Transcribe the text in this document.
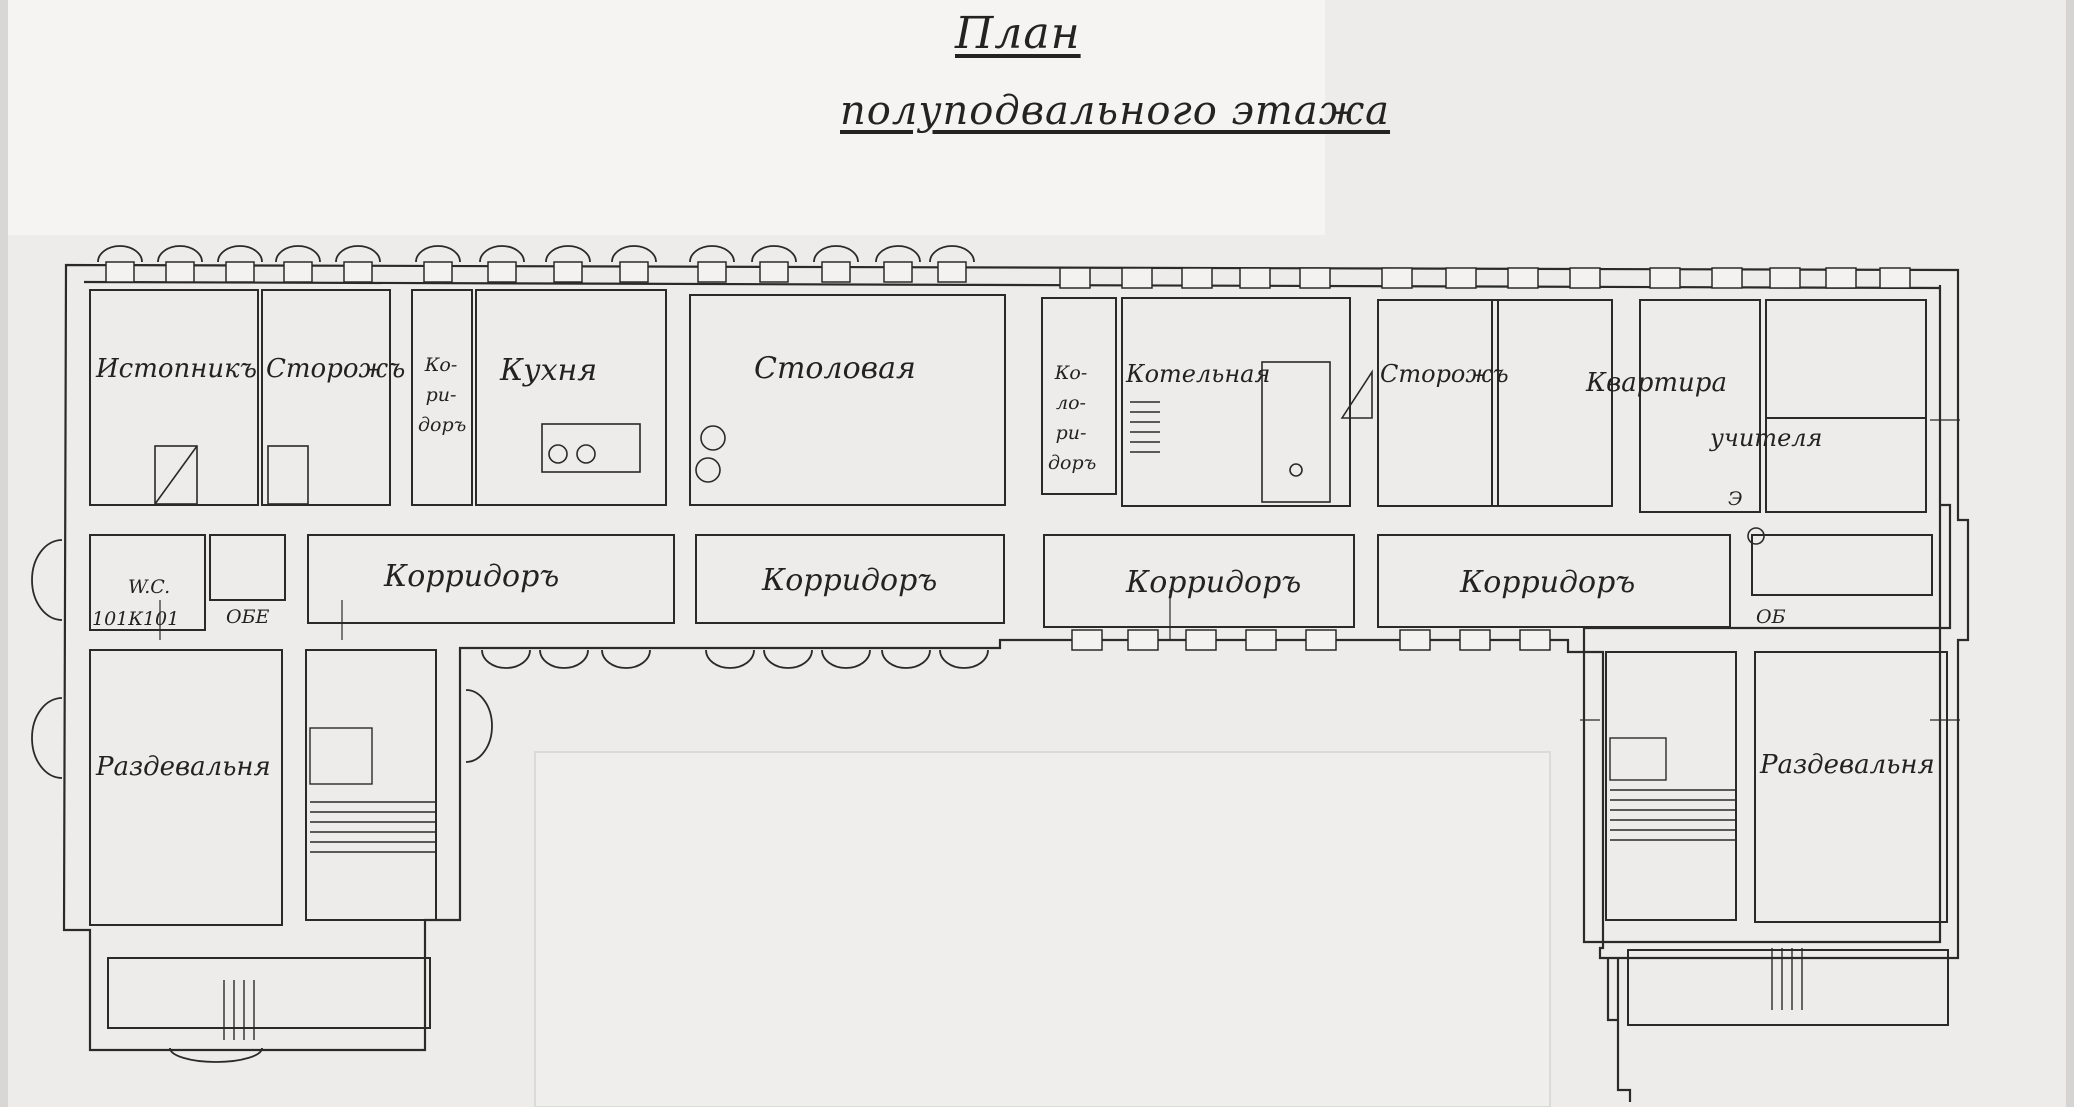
План

полуподвального этажа

Истопникъ Сторожъ	Ко-
ри-
доръ

Кухня	Столовая	Ко-
ло-
ри-
доръ

Котельная	Сторожъ	Квартира

учителя

Корридоръ	Корридоръ	Корридоръ	Корридоръ

Раздевальня	Раздевальня

W.C.

101К101 ОБЕ	ОБ

Э
